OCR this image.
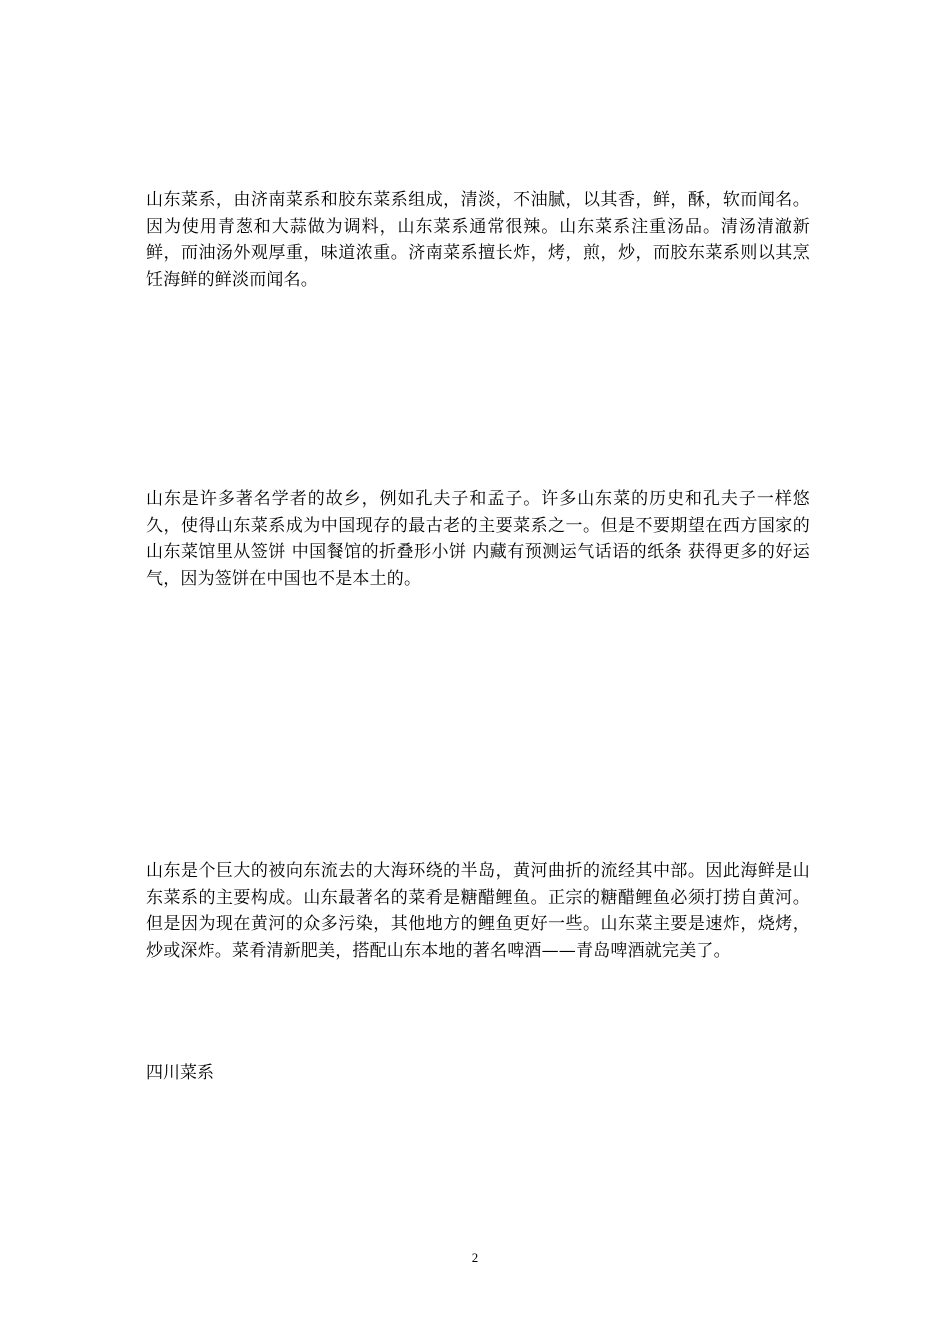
山东菜系，由济南菜系和胶东菜系组成，清淡，不油腻，以其香，鲜，酥，软而闻名。因为使用青葱和大蒜做为调料，山东菜系通常很辣。山东菜系注重汤品。清汤清澈新鲜，而油汤外观厚重，味道浓重。济南菜系擅长炸，烤，煎，炒，而胶东菜系则以其烹饪海鲜的鲜淡而闻名。

山东是许多著名学者的故乡，例如孔夫子和孟子。许多山东菜的历史和孔夫子一样悠久，使得山东菜系成为中国现存的最古老的主要菜系之一。但是不要期望在西方国家的山东菜馆里从签饼 中国餐馆的折叠形小饼 内藏有预测运气话语的纸条 获得更多的好运气，因为签饼在中国也不是本土的。

山东是个巨大的被向东流去的大海环绕的半岛，黄河曲折的流经其中部。因此海鲜是山东菜系的主要构成。山东最著名的菜肴是糖醋鲤鱼。正宗的糖醋鲤鱼必须打捞自黄河。但是因为现在黄河的众多污染，其他地方的鲤鱼更好一些。山东菜主要是速炸，烧烤，炒或深炸。菜肴清新肥美，搭配山东本地的著名啤酒——青岛啤酒就完美了。

四川菜系
2
